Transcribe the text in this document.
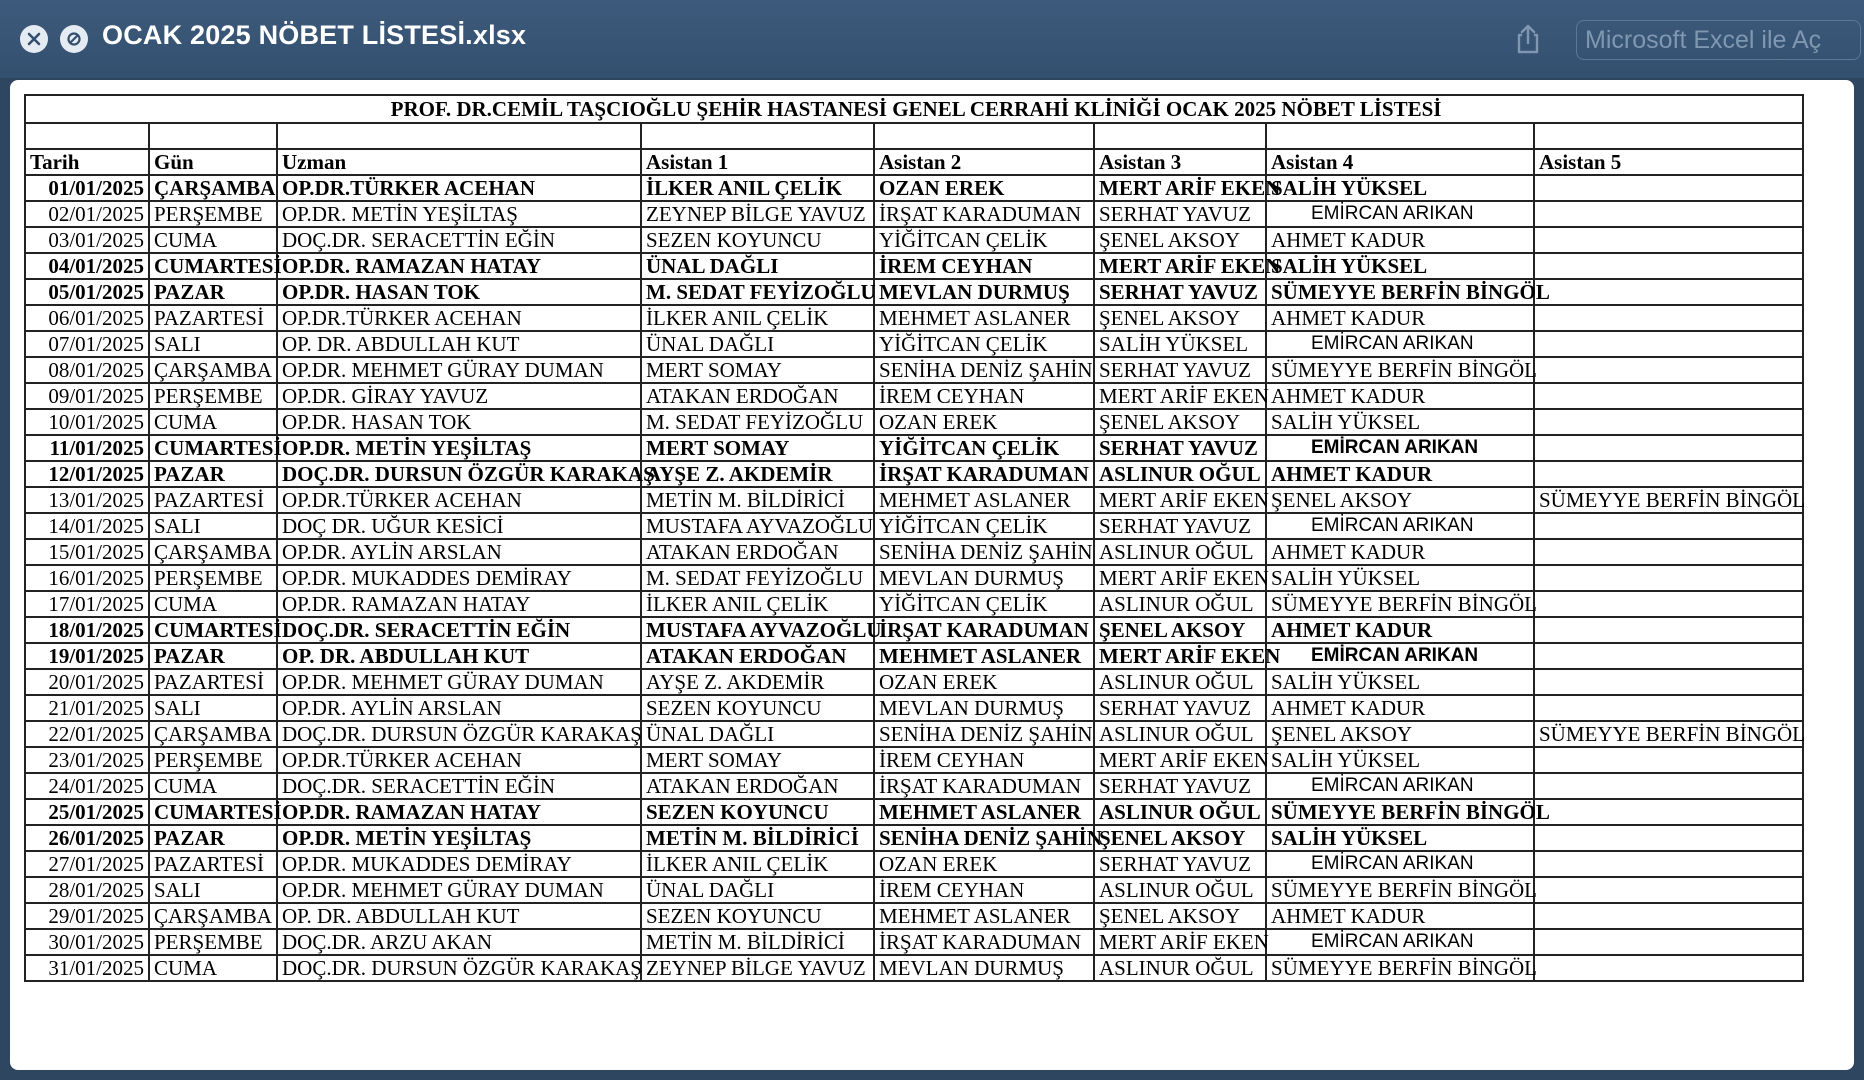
OCAK 2025 NÖBET LİSTESİ.xlsx	Microsoft Excel ile Aç
PROF. DR.CEMİL TAŞCIOĞLU ŞEHİR HASTANESİ GENEL CERRAHİ KLİNİĞİ OCAK 2025 NÖBET LİSTESİ							

Tarih	Gün	Uzman	Asistan 1	Asistan 2	Asistan 3	Asistan 4	Asistan 5
01/01/2025	ÇARŞAMBA	OP.DR.TÜRKER ACEHAN	İLKER ANIL ÇELİK	OZAN EREK	MERT ARİF EKEN	SALİH YÜKSEL	
02/01/2025	PERŞEMBE	OP.DR. METİN YEŞİLTAŞ	ZEYNEP BİLGE YAVUZ	İRŞAT KARADUMAN	SERHAT YAVUZ	EMİRCAN ARIKAN	
03/01/2025	CUMA	DOÇ.DR. SERACETTİN EĞİN	SEZEN KOYUNCU	YİĞİTCAN ÇELİK	ŞENEL AKSOY	AHMET KADUR	
04/01/2025	CUMARTESİ	OP.DR. RAMAZAN HATAY	ÜNAL DAĞLI	İREM CEYHAN	MERT ARİF EKEN	SALİH YÜKSEL	
05/01/2025	PAZAR	OP.DR. HASAN TOK	M. SEDAT FEYİZOĞLU	MEVLAN DURMUŞ	SERHAT YAVUZ	SÜMEYYE BERFİN BİNGÖL	
06/01/2025	PAZARTESİ	OP.DR.TÜRKER ACEHAN	İLKER ANIL ÇELİK	MEHMET ASLANER	ŞENEL AKSOY	AHMET KADUR	
07/01/2025	SALI	OP. DR. ABDULLAH KUT	ÜNAL DAĞLI	YİĞİTCAN ÇELİK	SALİH YÜKSEL	EMİRCAN ARIKAN	
08/01/2025	ÇARŞAMBA	OP.DR. MEHMET GÜRAY DUMAN	MERT SOMAY	SENİHA DENİZ ŞAHİN	SERHAT YAVUZ	SÜMEYYE BERFİN BİNGÖL	
09/01/2025	PERŞEMBE	OP.DR. GİRAY YAVUZ	ATAKAN ERDOĞAN	İREM CEYHAN	MERT ARİF EKEN	AHMET KADUR	
10/01/2025	CUMA	OP.DR. HASAN TOK	M. SEDAT FEYİZOĞLU	OZAN EREK	ŞENEL AKSOY	SALİH YÜKSEL	
11/01/2025	CUMARTESİ	OP.DR. METİN YEŞİLTAŞ	MERT SOMAY	YİĞİTCAN ÇELİK	SERHAT YAVUZ	EMİRCAN ARIKAN	
12/01/2025	PAZAR	DOÇ.DR. DURSUN ÖZGÜR KARAKAŞ	AYŞE Z. AKDEMİR	İRŞAT KARADUMAN	ASLINUR OĞUL	AHMET KADUR	
13/01/2025	PAZARTESİ	OP.DR.TÜRKER ACEHAN	METİN M. BİLDİRİCİ	MEHMET ASLANER	MERT ARİF EKEN	ŞENEL AKSOY	SÜMEYYE BERFİN BİNGÖL
14/01/2025	SALI	DOÇ DR. UĞUR KESİCİ	MUSTAFA AYVAZOĞLU	YİĞİTCAN ÇELİK	SERHAT YAVUZ	EMİRCAN ARIKAN	
15/01/2025	ÇARŞAMBA	OP.DR. AYLİN ARSLAN	ATAKAN ERDOĞAN	SENİHA DENİZ ŞAHİN	ASLINUR OĞUL	AHMET KADUR	
16/01/2025	PERŞEMBE	OP.DR. MUKADDES DEMİRAY	M. SEDAT FEYİZOĞLU	MEVLAN DURMUŞ	MERT ARİF EKEN	SALİH YÜKSEL	
17/01/2025	CUMA	OP.DR. RAMAZAN HATAY	İLKER ANIL ÇELİK	YİĞİTCAN ÇELİK	ASLINUR OĞUL	SÜMEYYE BERFİN BİNGÖL	
18/01/2025	CUMARTESİ	DOÇ.DR. SERACETTİN EĞİN	MUSTAFA AYVAZOĞLU	İRŞAT KARADUMAN	ŞENEL AKSOY	AHMET KADUR	
19/01/2025	PAZAR	OP. DR. ABDULLAH KUT	ATAKAN ERDOĞAN	MEHMET ASLANER	MERT ARİF EKEN	EMİRCAN ARIKAN	
20/01/2025	PAZARTESİ	OP.DR. MEHMET GÜRAY DUMAN	AYŞE Z. AKDEMİR	OZAN EREK	ASLINUR OĞUL	SALİH YÜKSEL	
21/01/2025	SALI	OP.DR. AYLİN ARSLAN	SEZEN KOYUNCU	MEVLAN DURMUŞ	SERHAT YAVUZ	AHMET KADUR	
22/01/2025	ÇARŞAMBA	DOÇ.DR. DURSUN ÖZGÜR KARAKAŞ	ÜNAL DAĞLI	SENİHA DENİZ ŞAHİN	ASLINUR OĞUL	ŞENEL AKSOY	SÜMEYYE BERFİN BİNGÖL
23/01/2025	PERŞEMBE	OP.DR.TÜRKER ACEHAN	MERT SOMAY	İREM CEYHAN	MERT ARİF EKEN	SALİH YÜKSEL	
24/01/2025	CUMA	DOÇ.DR. SERACETTİN EĞİN	ATAKAN ERDOĞAN	İRŞAT KARADUMAN	SERHAT YAVUZ	EMİRCAN ARIKAN	
25/01/2025	CUMARTESİ	OP.DR. RAMAZAN HATAY	SEZEN KOYUNCU	MEHMET ASLANER	ASLINUR OĞUL	SÜMEYYE BERFİN BİNGÖL	
26/01/2025	PAZAR	OP.DR. METİN YEŞİLTAŞ	METİN M. BİLDİRİCİ	SENİHA DENİZ ŞAHİN	ŞENEL AKSOY	SALİH YÜKSEL	
27/01/2025	PAZARTESİ	OP.DR. MUKADDES DEMİRAY	İLKER ANIL ÇELİK	OZAN EREK	SERHAT YAVUZ	EMİRCAN ARIKAN	
28/01/2025	SALI	OP.DR. MEHMET GÜRAY DUMAN	ÜNAL DAĞLI	İREM CEYHAN	ASLINUR OĞUL	SÜMEYYE BERFİN BİNGÖL	
29/01/2025	ÇARŞAMBA	OP. DR. ABDULLAH KUT	SEZEN KOYUNCU	MEHMET ASLANER	ŞENEL AKSOY	AHMET KADUR	
30/01/2025	PERŞEMBE	DOÇ.DR. ARZU AKAN	METİN M. BİLDİRİCİ	İRŞAT KARADUMAN	MERT ARİF EKEN	EMİRCAN ARIKAN	
31/01/2025	CUMA	DOÇ.DR. DURSUN ÖZGÜR KARAKAŞ	ZEYNEP BİLGE YAVUZ	MEVLAN DURMUŞ	ASLINUR OĞUL	SÜMEYYE BERFİN BİNGÖL	
